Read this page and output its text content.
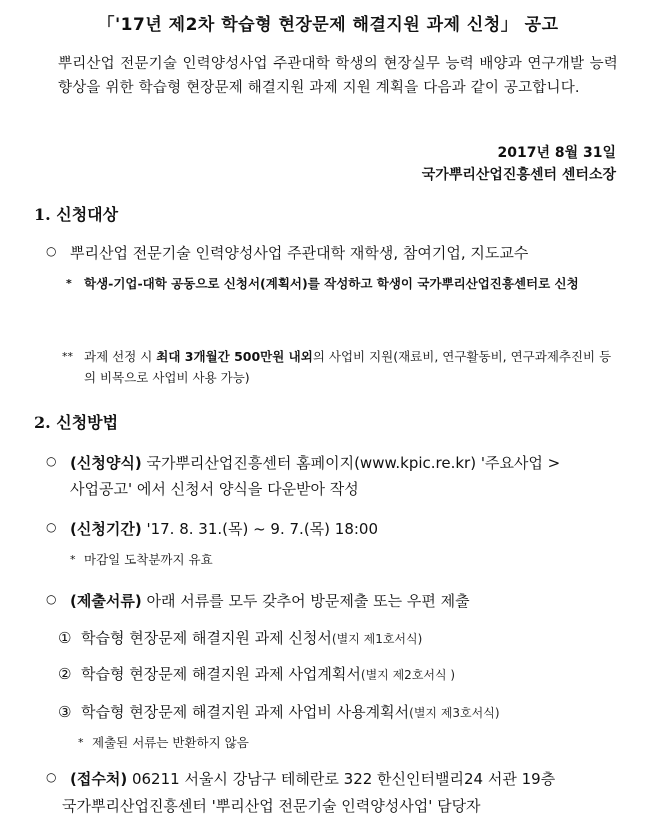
「'17년 제2차 학습형 현장문제 해결지원 과제 신청」 공고
뿌리산업 전문기술 인력양성사업 주관대학 학생의 현장실무 능력 배양과 연구개발 능력 향상을 위한 학습형 현장문제 해결지원 과제 지원 계획을 다음과 같이 공고합니다.
2017년 8월 31일
국가뿌리산업진흥센터 센터소장
1. 신청대상
○ 뿌리산업 전문기술 인력양성사업 주관대학 재학생, 참여기업, 지도교수
* 학생-기업-대학 공동으로 신청서(계획서)를 작성하고 학생이 국가뿌리산업진흥센터로 신청
** 과제 선정 시 최대 3개월간 500만원 내외의 사업비 지원(재료비, 연구활동비, 연구과제추진비 등의 비목으로 사업비 사용 가능)
2. 신청방법
○ (신청양식) 국가뿌리산업진흥센터 홈페이지(www.kpic.re.kr) '주요사업 >
사업공고' 에서 신청서 양식을 다운받아 작성
○ (신청기간) '17. 8. 31.(목) ~ 9. 7.(목) 18:00
* 마감일 도착분까지 유효
○ (제출서류) 아래 서류를 모두 갖추어 방문제출 또는 우편 제출
① 학습형 현장문제 해결지원 과제 신청서(별지 제1호서식)
② 학습형 현장문제 해결지원 과제 사업계획서(별지 제2호서식 )
③ 학습형 현장문제 해결지원 과제 사업비 사용계획서(별지 제3호서식)
* 제출된 서류는 반환하지 않음
○ (접수처) 06211 서울시 강남구 테헤란로 322 한신인터밸리24 서관 19층
국가뿌리산업진흥센터 '뿌리산업 전문기술 인력양성사업' 담당자
